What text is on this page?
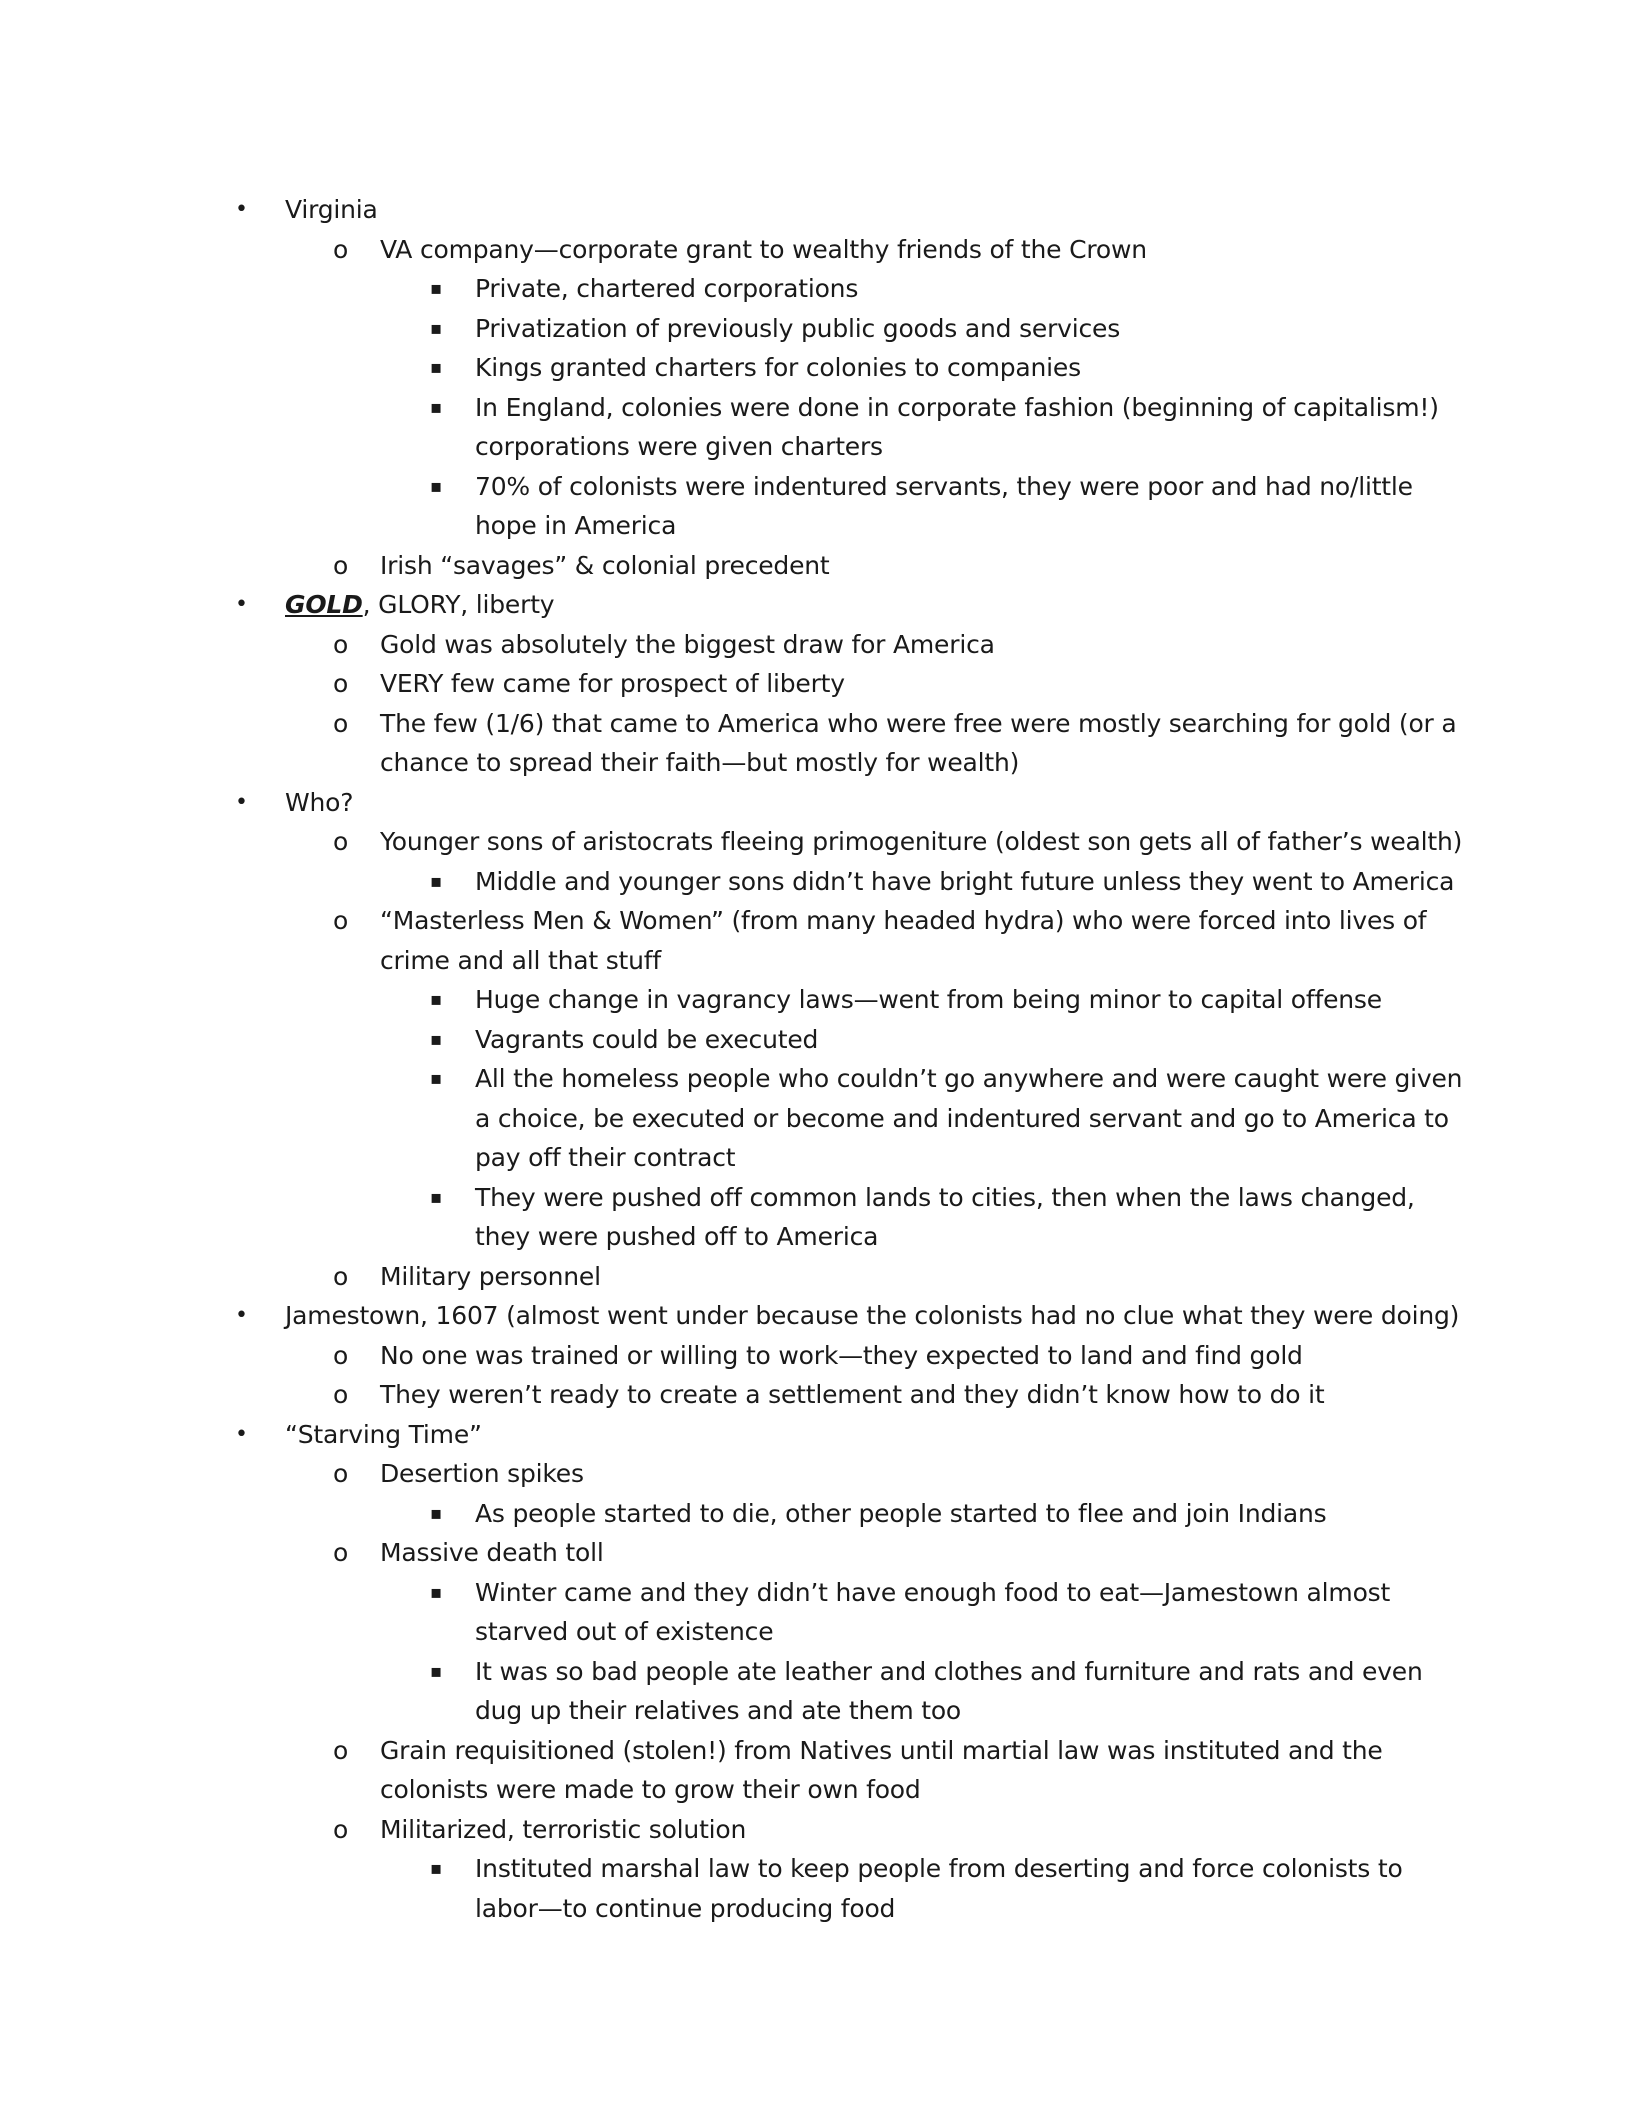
• Virginia
o VA company—corporate grant to wealthy friends of the Crown
▪ Private, chartered corporations
▪ Privatization of previously public goods and services
▪ Kings granted charters for colonies to companies
▪ In England, colonies were done in corporate fashion (beginning of capitalism!)
corporations were given charters
▪ 70% of colonists were indentured servants, they were poor and had no/little
hope in America
o Irish “savages” & colonial precedent
• GOLD, GLORY, liberty
o Gold was absolutely the biggest draw for America
o VERY few came for prospect of liberty
o The few (1/6) that came to America who were free were mostly searching for gold (or a
chance to spread their faith—but mostly for wealth)
• Who?
o Younger sons of aristocrats fleeing primogeniture (oldest son gets all of father’s wealth)
▪ Middle and younger sons didn’t have bright future unless they went to America
o “Masterless Men & Women” (from many headed hydra) who were forced into lives of
crime and all that stuff
▪ Huge change in vagrancy laws—went from being minor to capital offense
▪ Vagrants could be executed
▪ All the homeless people who couldn’t go anywhere and were caught were given
a choice, be executed or become and indentured servant and go to America to
pay off their contract
▪ They were pushed off common lands to cities, then when the laws changed,
they were pushed off to America
o Military personnel
• Jamestown, 1607 (almost went under because the colonists had no clue what they were doing)
o No one was trained or willing to work—they expected to land and find gold
o They weren’t ready to create a settlement and they didn’t know how to do it
• “Starving Time”
o Desertion spikes
▪ As people started to die, other people started to flee and join Indians
o Massive death toll
▪ Winter came and they didn’t have enough food to eat—Jamestown almost
starved out of existence
▪ It was so bad people ate leather and clothes and furniture and rats and even
dug up their relatives and ate them too
o Grain requisitioned (stolen!) from Natives until martial law was instituted and the
colonists were made to grow their own food
o Militarized, terroristic solution
▪ Instituted marshal law to keep people from deserting and force colonists to
labor—to continue producing food
